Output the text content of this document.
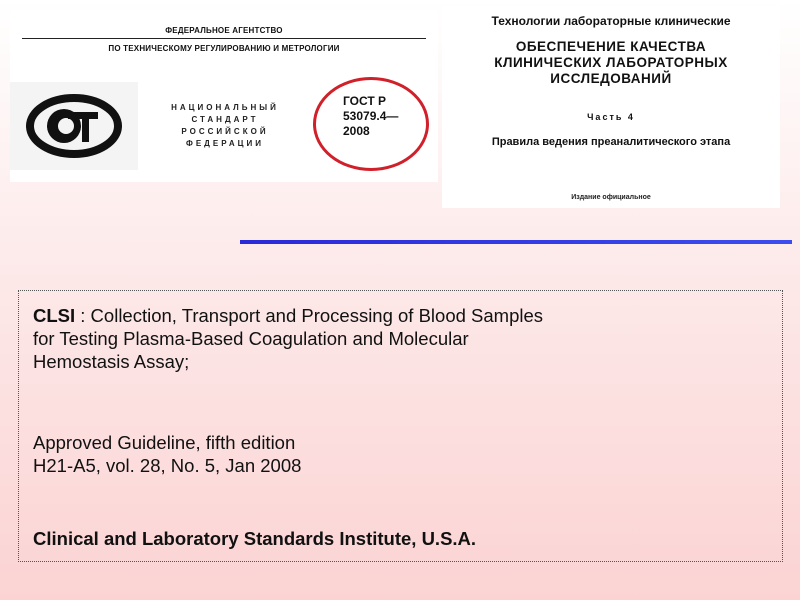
ФЕДЕРАЛЬНОЕ АГЕНТСТВО
ПО ТЕХНИЧЕСКОМУ РЕГУЛИРОВАНИЮ И МЕТРОЛОГИИ
НАЦИОНАЛЬНЫЙ
СТАНДАРТ
РОССИЙСКОЙ
ФЕДЕРАЦИИ
ГОСТ Р
53079.4—
2008
Технологии лабораторные клинические
ОБЕСПЕЧЕНИЕ КАЧЕСТВА
КЛИНИЧЕСКИХ ЛАБОРАТОРНЫХ
ИССЛЕДОВАНИЙ
Часть 4
Правила ведения преаналитического этапа
Издание официальное
CLSI : Collection, Transport and Processing of Blood Samples
for Testing Plasma-Based Coagulation and Molecular
Hemostasis Assay;
Approved Guideline, fifth edition
H21-A5, vol. 28, No. 5, Jan 2008
Clinical and Laboratory Standards Institute, U.S.A.
